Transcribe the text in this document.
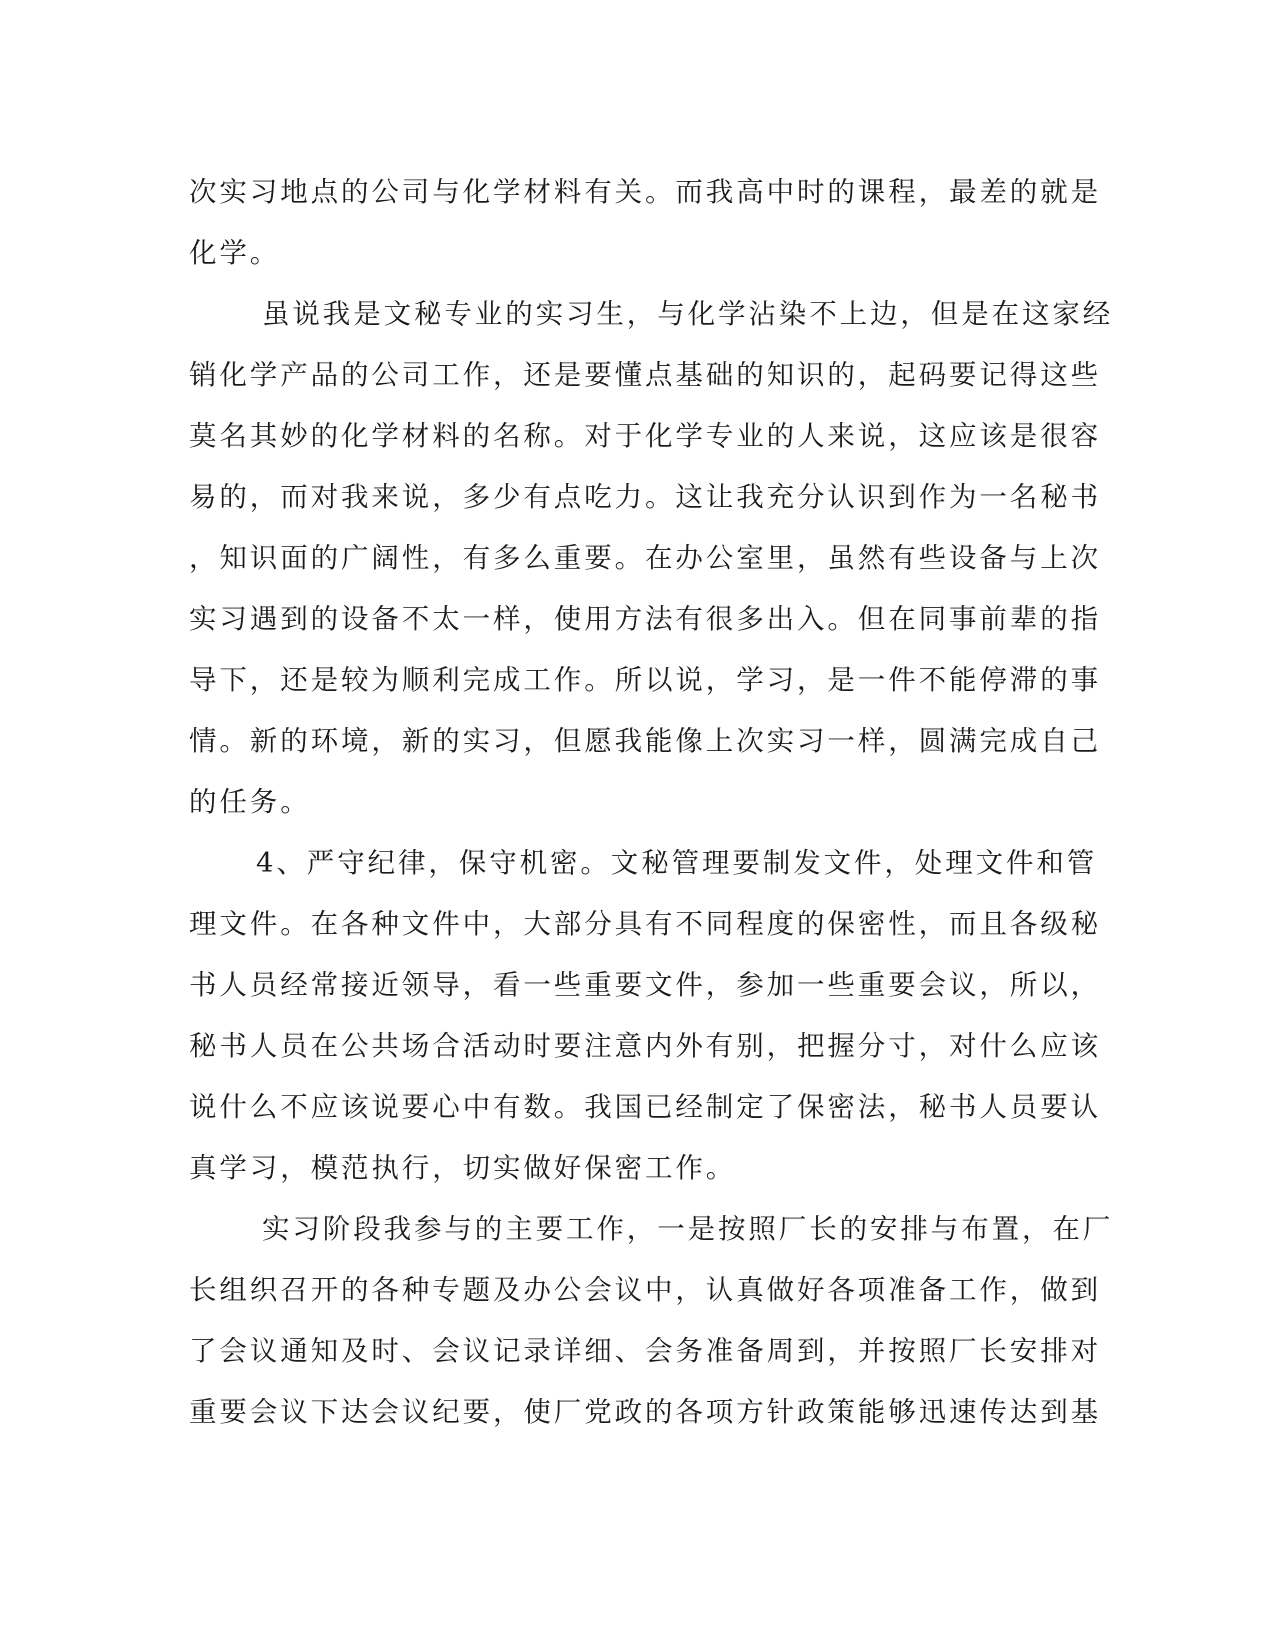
次实习地点的公司与化学材料有关。而我高中时的课程，最差的就是
化学。
虽说我是文秘专业的实习生，与化学沾染不上边，但是在这家经
销化学产品的公司工作，还是要懂点基础的知识的，起码要记得这些
莫名其妙的化学材料的名称。对于化学专业的人来说，这应该是很容
易的，而对我来说，多少有点吃力。这让我充分认识到作为一名秘书
，知识面的广阔性，有多么重要。在办公室里，虽然有些设备与上次
实习遇到的设备不太一样，使用方法有很多出入。但在同事前辈的指
导下，还是较为顺利完成工作。所以说，学习，是一件不能停滞的事
情。新的环境，新的实习，但愿我能像上次实习一样，圆满完成自己
的任务。
4、严守纪律，保守机密。文秘管理要制发文件，处理文件和管
理文件。在各种文件中，大部分具有不同程度的保密性，而且各级秘
书人员经常接近领导，看一些重要文件，参加一些重要会议，所以，
秘书人员在公共场合活动时要注意内外有别，把握分寸，对什么应该
说什么不应该说要心中有数。我国已经制定了保密法，秘书人员要认
真学习，模范执行，切实做好保密工作。
实习阶段我参与的主要工作，一是按照厂长的安排与布置，在厂
长组织召开的各种专题及办公会议中，认真做好各项准备工作，做到
了会议通知及时、会议记录详细、会务准备周到，并按照厂长安排对
重要会议下达会议纪要，使厂党政的各项方针政策能够迅速传达到基
